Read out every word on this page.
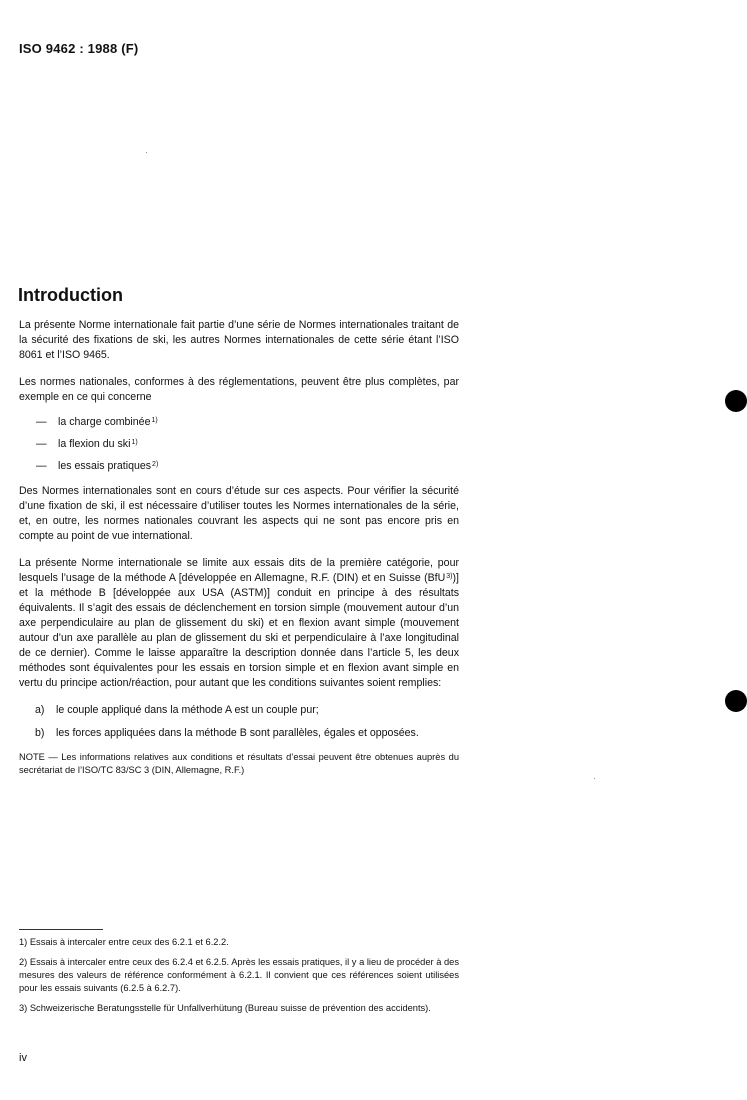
ISO 9462 : 1988 (F)
Introduction

La présente Norme internationale fait partie d’une série de Normes internationales traitant de la sécurité des fixations de ski, les autres Normes internationales de cette série étant l’ISO 8061 et l’ISO 9465.

Les normes nationales, conformes à des réglementations, peuvent être plus complètes, par exemple en ce qui concerne

— la charge combinée$^{1)}$
— la flexion du ski$^{1)}$
— les essais pratiques$^{2)}$

Des Normes internationales sont en cours d’étude sur ces aspects. Pour vérifier la sécurité d’une fixation de ski, il est nécessaire d’utiliser toutes les Normes internationales de la série, et, en outre, les normes nationales couvrant les aspects qui ne sont pas encore pris en compte au point de vue international.

La présente Norme internationale se limite aux essais dits de la première catégorie, pour lesquels l’usage de la méthode A [développée en Allemagne, R.F. (DIN) et en Suisse (BfU$^{3)}$)] et la méthode B [développée aux USA (ASTM)] conduit en principe à des résultats équivalents. Il s’agit des essais de déclenchement en torsion simple (mouvement autour d’un axe perpendiculaire au plan de glissement du ski) et en flexion avant simple (mouvement autour d’un axe parallèle au plan de glissement du ski et perpendiculaire à l’axe longitudinal de ce dernier). Comme le laisse apparaître la description donnée dans l’article 5, les deux méthodes sont équivalentes pour les essais en torsion simple et en flexion avant simple en vertu du principe action/réaction, pour autant que les conditions suivantes soient remplies:

a) le couple appliqué dans la méthode A est un couple pur;
b) les forces appliquées dans la méthode B sont parallèles, égales et opposées.

NOTE — Les informations relatives aux conditions et résultats d’essai peuvent être obtenues auprès du secrétariat de l’ISO/TC 83/SC 3 (DIN, Allemagne, R.F.)

1) Essais à intercaler entre ceux des 6.2.1 et 6.2.2.

2) Essais à intercaler entre ceux des 6.2.4 et 6.2.5. Après les essais pratiques, il y a lieu de procéder à des mesures des valeurs de référence conformément à 6.2.1. Il convient que ces références soient utilisées pour les essais suivants (6.2.5 à 6.2.7).

3) Schweizerische Beratungsstelle für Unfallverhütung (Bureau suisse de prévention des accidents).

iv
